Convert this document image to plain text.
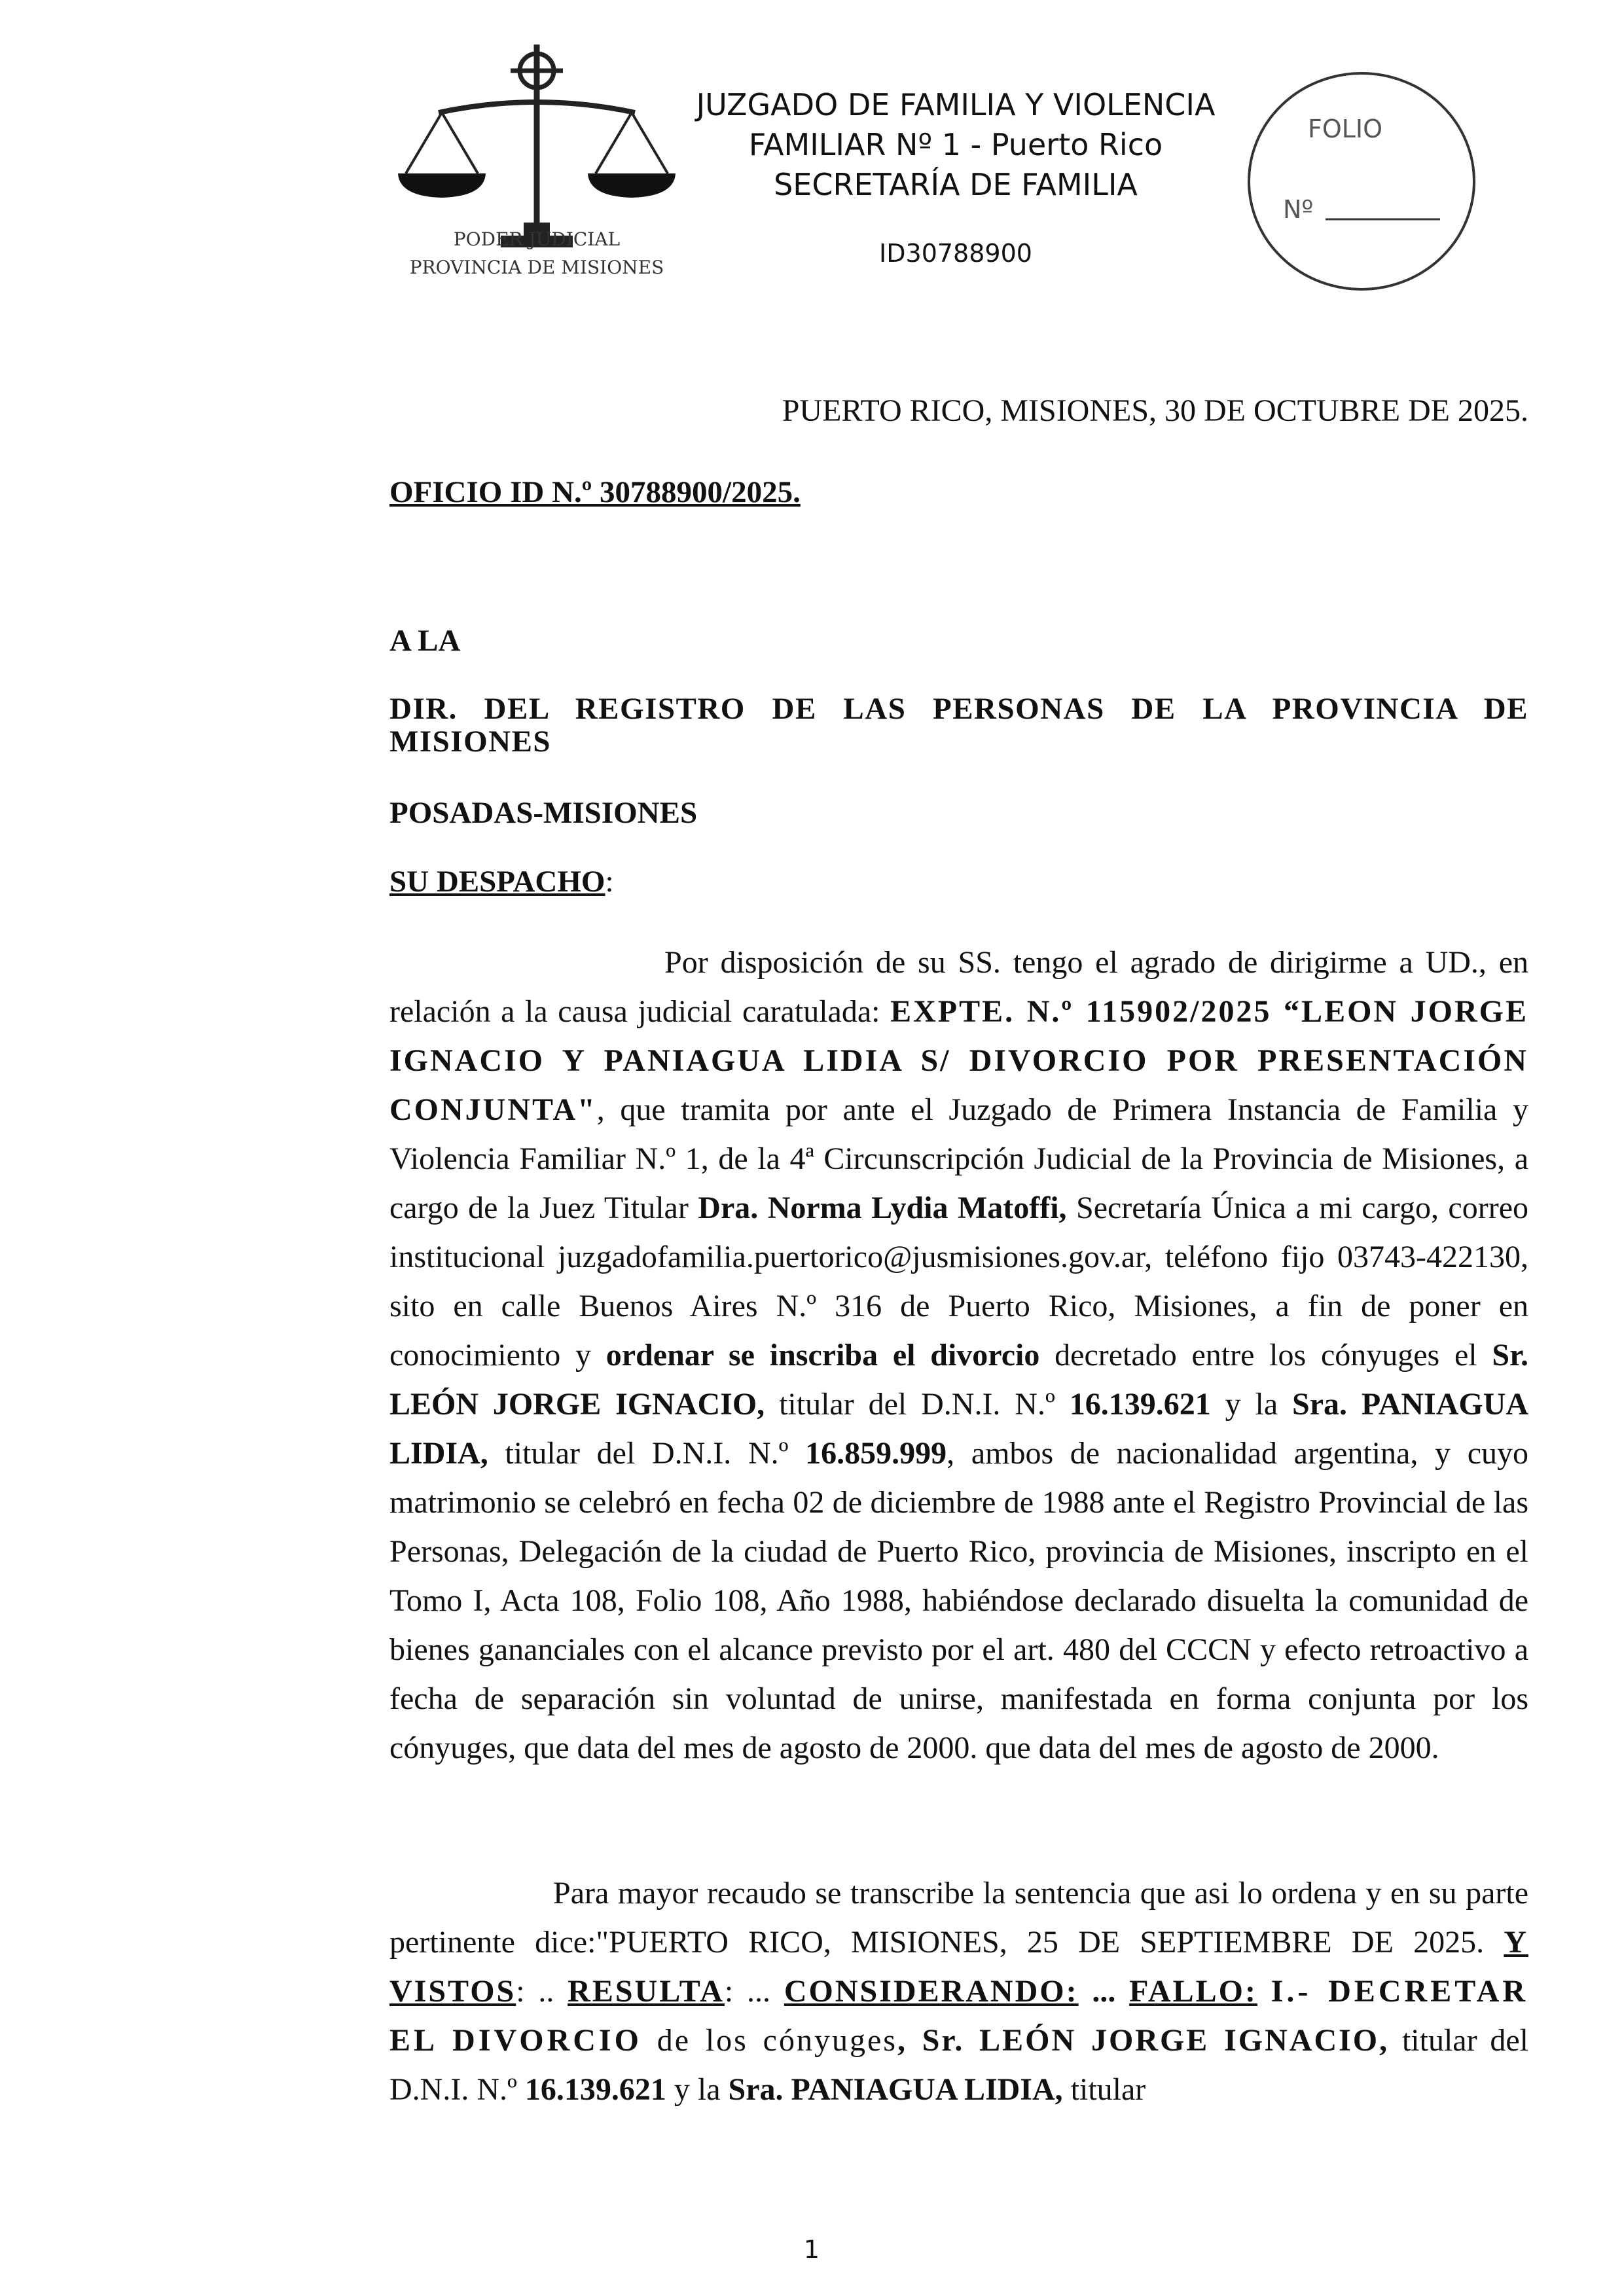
PODER JUDICIAL
PROVINCIA DE MISIONES
JUZGADO DE FAMILIA Y VIOLENCIA
FAMILIAR Nº 1 - Puerto Rico
SECRETARÍA DE FAMILIA
ID30788900
FOLIO
Nº
PUERTO RICO, MISIONES, 30 DE OCTUBRE DE 2025.
OFICIO ID N.º 30788900/2025.
A LA
DIR. DEL REGISTRO DE LAS PERSONAS DE LA PROVINCIA DE MISIONES
POSADAS-MISIONES
SU DESPACHO:
Por disposición de su SS. tengo el agrado de dirigirme a UD., en relación a la causa judicial caratulada: EXPTE. N.º 115902/2025 “LEON JORGE IGNACIO Y PANIAGUA LIDIA S/ DIVORCIO POR PRESENTACIÓN CONJUNTA", que tramita por ante el Juzgado de Primera Instancia de Familia y Violencia Familiar N.º 1, de la 4ª Circunscripción Judicial de la Provincia de Misiones, a cargo de la Juez Titular Dra. Norma Lydia Matoffi, Secretaría Única a mi cargo, correo institucional juzgadofamilia.puertorico@jusmisiones.gov.ar, teléfono fijo 03743-422130, sito en calle Buenos Aires N.º 316 de Puerto Rico, Misiones, a fin de poner en conocimiento y ordenar se inscriba el divorcio decretado entre los cónyuges el Sr. LEÓN JORGE IGNACIO, titular del D.N.I. N.º 16.139.621 y la Sra. PANIAGUA LIDIA, titular del D.N.I. N.º 16.859.999, ambos de nacionalidad argentina, y cuyo matrimonio se celebró en fecha 02 de diciembre de 1988 ante el Registro Provincial de las Personas, Delegación de la ciudad de Puerto Rico, provincia de Misiones, inscripto en el Tomo I, Acta 108, Folio 108, Año 1988, habiéndose declarado disuelta la comunidad de bienes gananciales con el alcance previsto por el art. 480 del CCCN y efecto retroactivo a fecha de separación sin voluntad de unirse, manifestada en forma conjunta por los cónyuges, que data del mes de agosto de 2000. que data del mes de agosto de 2000.
Para mayor recaudo se transcribe la sentencia que asi lo ordena y en su parte pertinente dice:"PUERTO RICO, MISIONES, 25 DE SEPTIEMBRE DE 2025. Y VISTOS: .. RESULTA: ... CONSIDERANDO: ... FALLO: I.- DECRETAR EL DIVORCIO de los cónyuges, Sr. LEÓN JORGE IGNACIO, titular del D.N.I. N.º 16.139.621 y la Sra. PANIAGUA LIDIA, titular
1
